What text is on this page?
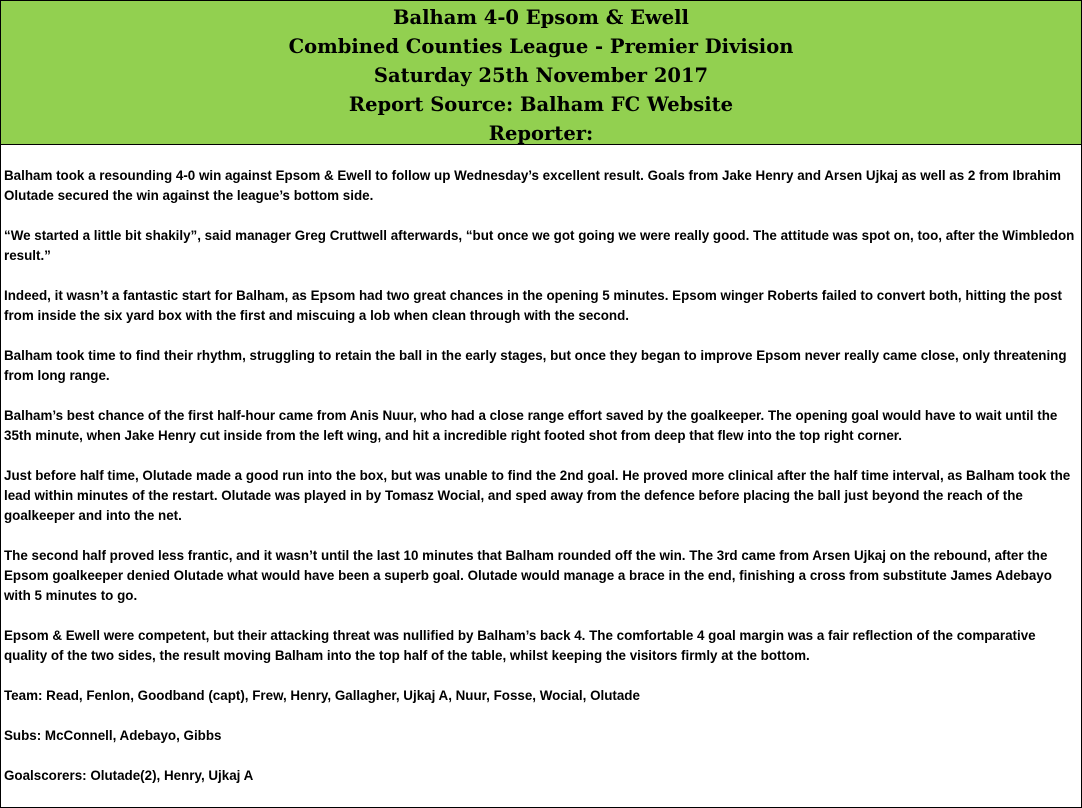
Balham 4-0 Epsom & Ewell
Combined Counties League - Premier Division
Saturday 25th November 2017
Report Source: Balham FC Website
Reporter:

Balham took a resounding 4-0 win against Epsom & Ewell to follow up Wednesday’s excellent result. Goals from Jake Henry and Arsen Ujkaj as well as 2 from Ibrahim Olutade secured the win against the league’s bottom side.

“We started a little bit shakily”, said manager Greg Cruttwell afterwards, “but once we got going we were really good. The attitude was spot on, too, after the Wimbledon result.”

Indeed, it wasn’t a fantastic start for Balham, as Epsom had two great chances in the opening 5 minutes. Epsom winger Roberts failed to convert both, hitting the post from inside the six yard box with the first and miscuing a lob when clean through with the second.

Balham took time to find their rhythm, struggling to retain the ball in the early stages, but once they began to improve Epsom never really came close, only threatening from long range.

Balham’s best chance of the first half-hour came from Anis Nuur, who had a close range effort saved by the goalkeeper. The opening goal would have to wait until the 35th minute, when Jake Henry cut inside from the left wing, and hit a incredible right footed shot from deep that flew into the top right corner.

Just before half time, Olutade made a good run into the box, but was unable to find the 2nd goal. He proved more clinical after the half time interval, as Balham took the lead within minutes of the restart. Olutade was played in by Tomasz Wocial, and sped away from the defence before placing the ball just beyond the reach of the goalkeeper and into the net.

The second half proved less frantic, and it wasn’t until the last 10 minutes that Balham rounded off the win. The 3rd came from Arsen Ujkaj on the rebound, after the Epsom goalkeeper denied Olutade what would have been a superb goal. Olutade would manage a brace in the end, finishing a cross from substitute James Adebayo with 5 minutes to go.

Epsom & Ewell were competent, but their attacking threat was nullified by Balham’s back 4. The comfortable 4 goal margin was a fair reflection of the comparative quality of the two sides, the result moving Balham into the top half of the table, whilst keeping the visitors firmly at the bottom.

Team: Read, Fenlon, Goodband (capt), Frew, Henry, Gallagher, Ujkaj A, Nuur, Fosse, Wocial, Olutade

Subs: McConnell, Adebayo, Gibbs

Goalscorers: Olutade(2), Henry, Ujkaj A
